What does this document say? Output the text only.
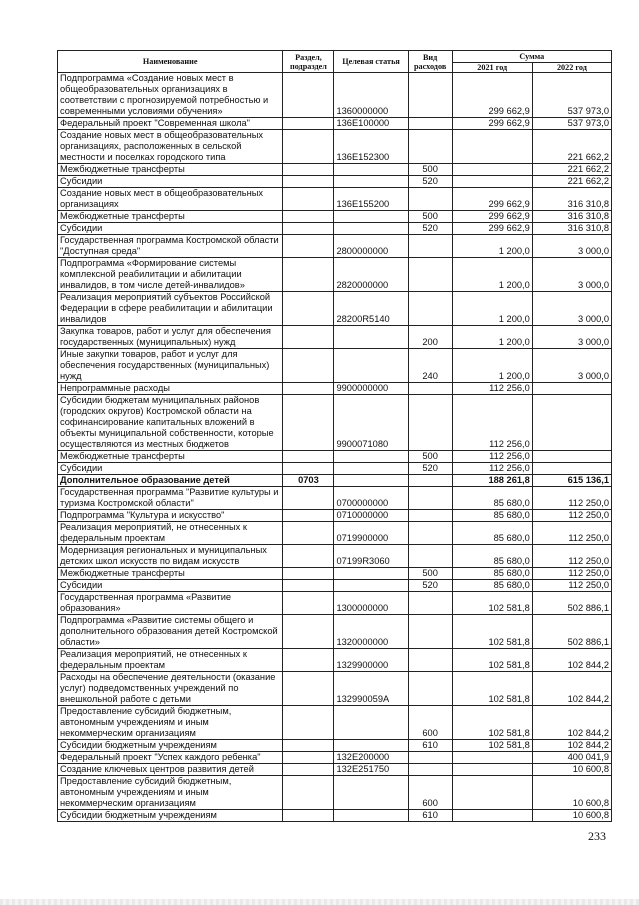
Наименование	Раздел, подраздел	Целевая статья	Вид расходов	Сумма	
				2021 год	2022 год
Подпрограмма «Создание новых мест в общеобразовательных организациях в соответствии с прогнозируемой потребностью и современными условиями обучения»		1360000000		299 662,9	537 973,0
Федеральный проект "Современная школа"		136E100000		299 662,9	537 973,0
Создание новых мест в общеобразовательных организациях, расположенных в сельской местности и поселках городского типа		136E152300			221 662,2
Межбюджетные трансферты			500		221 662,2
Субсидии			520		221 662,2
Создание новых мест в общеобразовательных организациях		136E155200		299 662,9	316 310,8
Межбюджетные трансферты			500	299 662,9	316 310,8
Субсидии			520	299 662,9	316 310,8
Государственная программа Костромской области "Доступная среда"		2800000000		1 200,0	3 000,0
Подпрограмма «Формирование системы комплексной реабилитации и абилитации инвалидов, в том числе детей-инвалидов»		2820000000		1 200,0	3 000,0
Реализация мероприятий субъектов Российской Федерации в сфере реабилитации и абилитации инвалидов		28200R5140		1 200,0	3 000,0
Закупка товаров, работ и услуг для обеспечения государственных (муниципальных) нужд			200	1 200,0	3 000,0
Иные закупки товаров, работ и услуг для обеспечения государственных (муниципальных) нужд			240	1 200,0	3 000,0
Непрограммные расходы		9900000000		112 256,0	
Субсидии бюджетам муниципальных районов (городских округов) Костромской области на софинансирование капитальных вложений в объекты муниципальной собственности, которые осуществляются из местных бюджетов		9900071080		112 256,0	
Межбюджетные трансферты			500	112 256,0	
Субсидии			520	112 256,0	
Дополнительное образование детей	0703			188 261,8	615 136,1
Государственная программа "Развитие культуры и туризма Костромской области"		0700000000		85 680,0	112 250,0
Подпрограмма "Культура и искусство"		0710000000		85 680,0	112 250,0
Реализация мероприятий, не отнесенных к федеральным проектам		0719900000		85 680,0	112 250,0
Модернизация региональных и муниципальных детских школ искусств по видам искусств		07199R3060		85 680,0	112 250,0
Межбюджетные трансферты			500	85 680,0	112 250,0
Субсидии			520	85 680,0	112 250,0
Государственная программа «Развитие образования»		1300000000		102 581,8	502 886,1
Подпрограмма «Развитие системы общего и дополнительного образования детей Костромской области»		1320000000		102 581,8	502 886,1
Реализация мероприятий, не отнесенных к федеральным проектам		1329900000		102 581,8	102 844,2
Расходы на обеспечение деятельности (оказание услуг) подведомственных учреждений по внешкольной работе с детьми		132990059A		102 581,8	102 844,2
Предоставление субсидий бюджетным, автономным учреждениям и иным некоммерческим организациям			600	102 581,8	102 844,2
Субсидии бюджетным учреждениям			610	102 581,8	102 844,2
Федеральный проект "Успех каждого ребенка"		132E200000			400 041,9
Создание ключевых центров развития детей		132E251750			10 600,8
Предоставление субсидий бюджетным, автономным учреждениям и иным некоммерческим организациям			600		10 600,8
Субсидии бюджетным учреждениям			610		10 600,8
233
